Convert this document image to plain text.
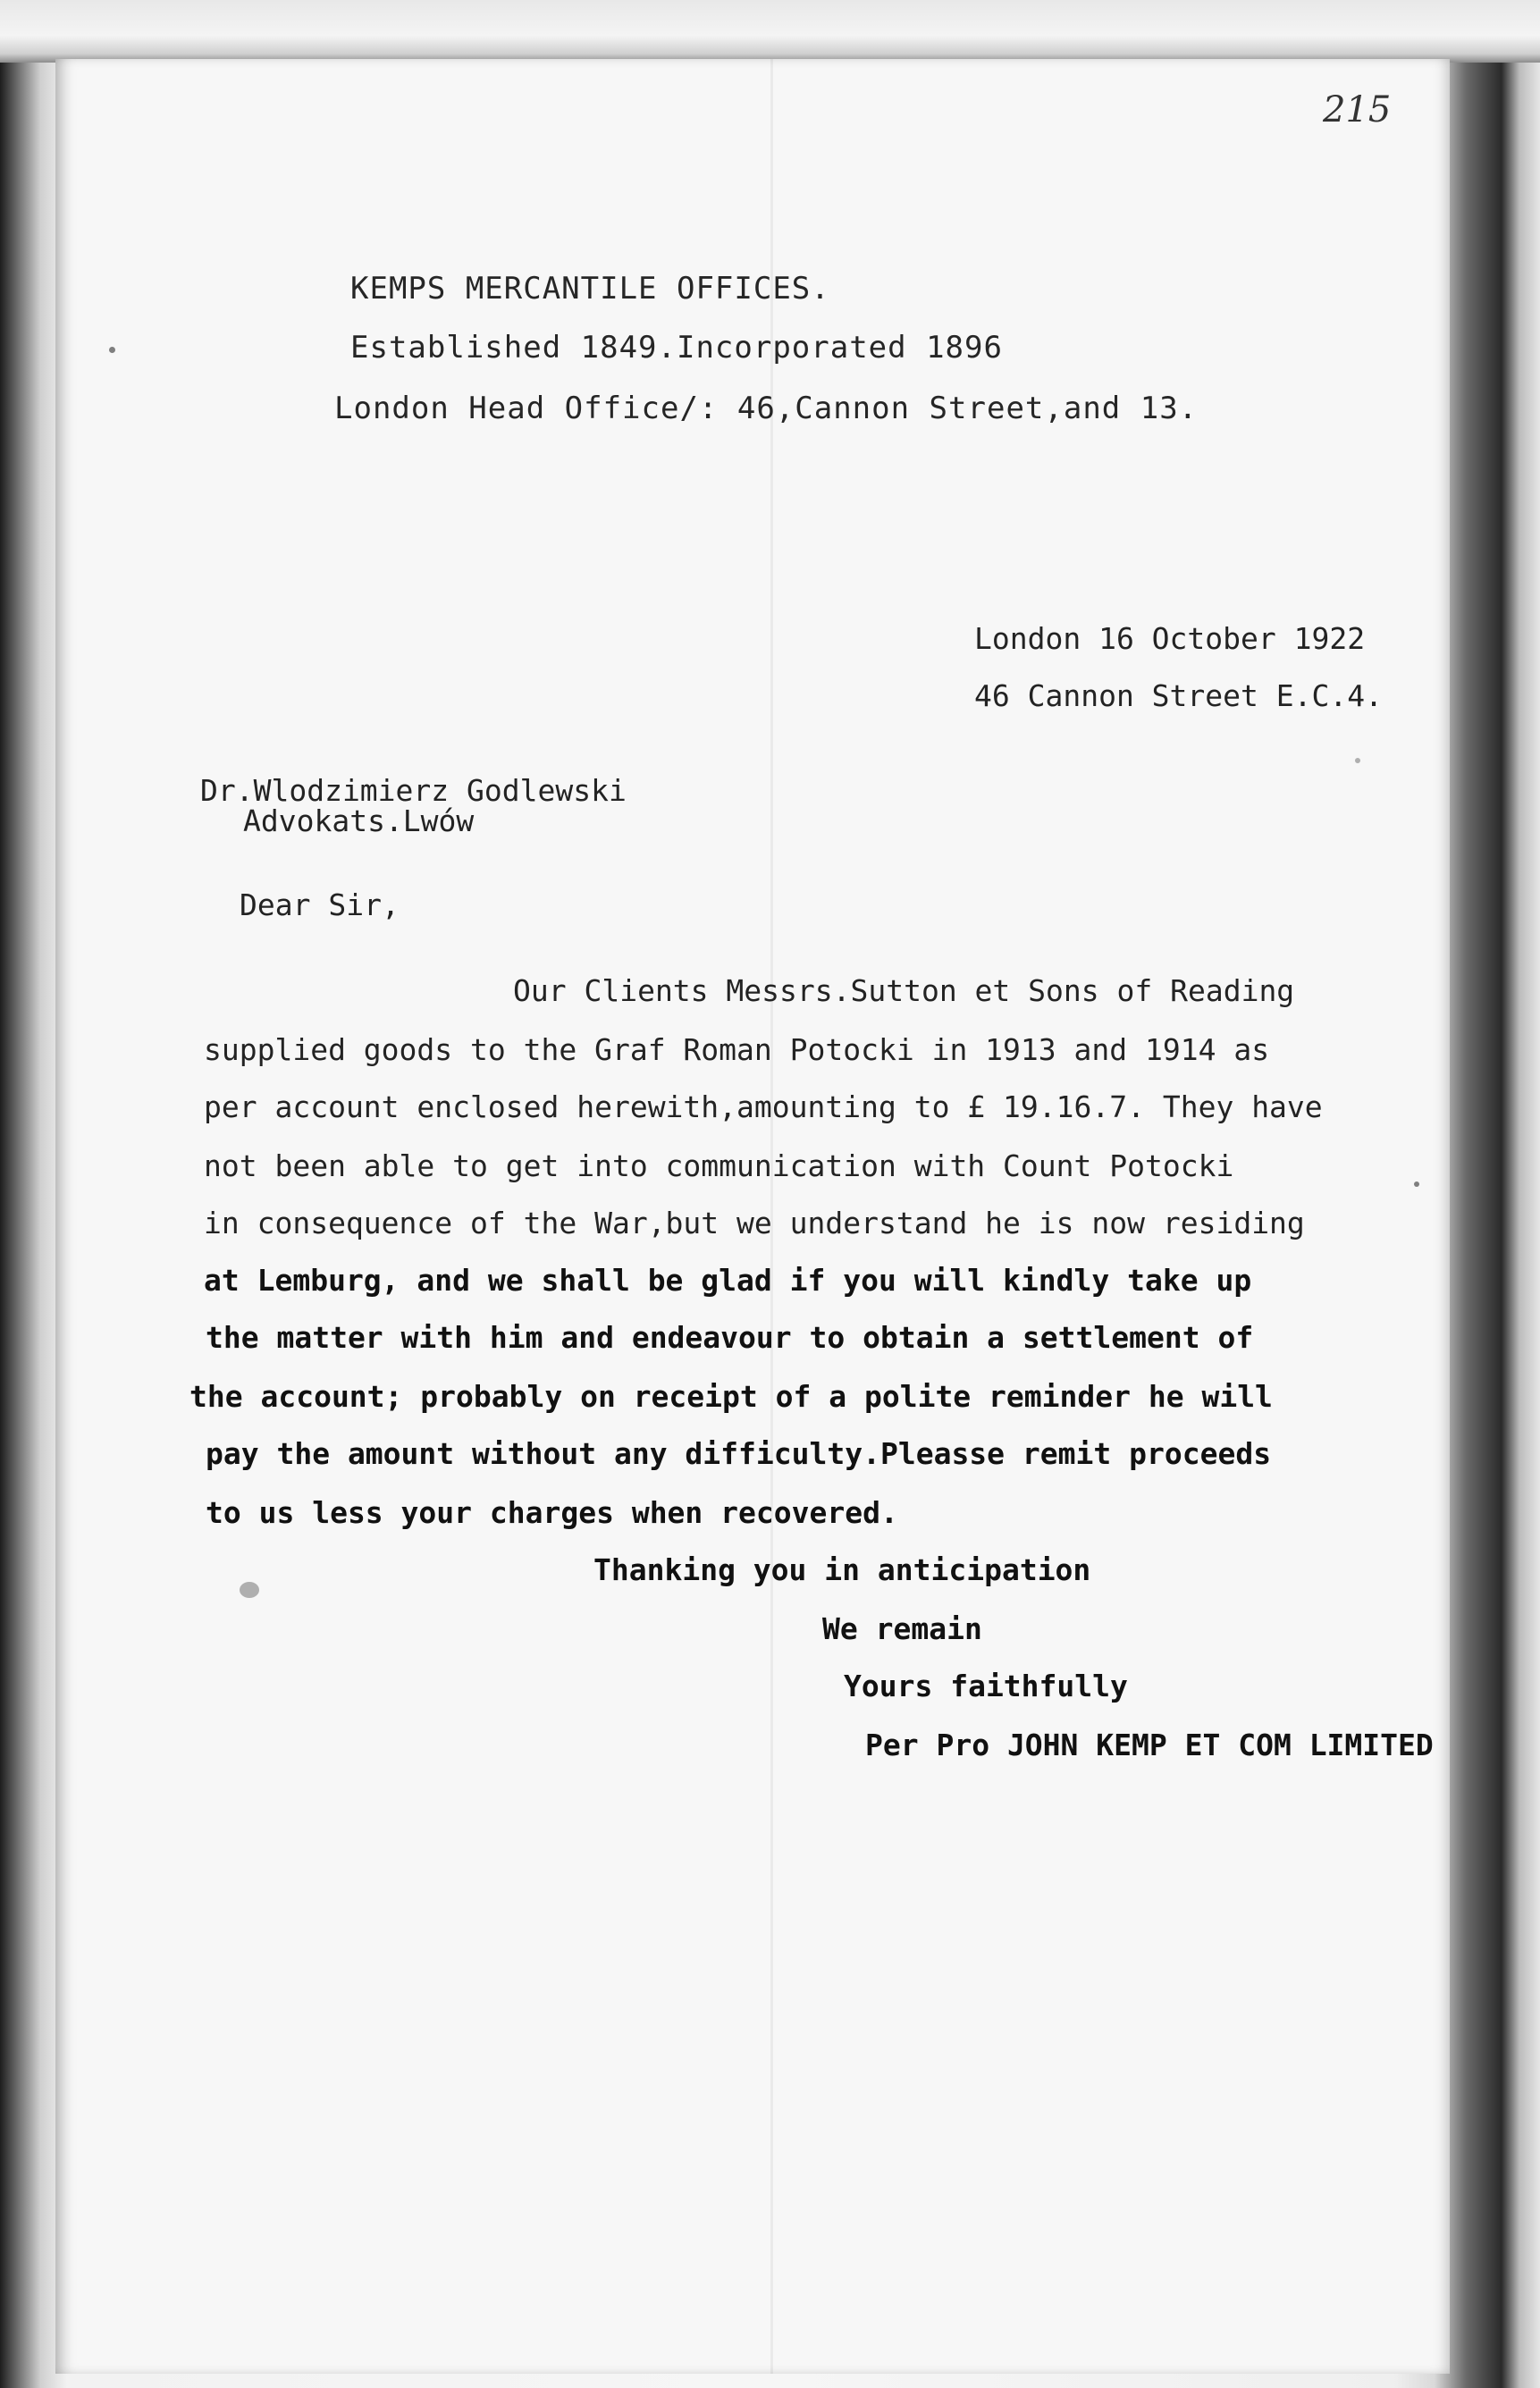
215

KEMPS MERCANTILE OFFICES.

Established 1849.Incorporated 1896

London Head Office/: 46,Cannon Street,and 13.

London 16 October 1922

46 Cannon Street E.C.4.

Dr.Wlodzimierz Godlewski

Advokats.Lwów

Dear Sir,

Our Clients Messrs.Sutton et Sons of Reading

supplied goods to the Graf Roman Potocki in 1913 and 1914 as

per account enclosed herewith,amounting to £ 19.16.7. They have

not been able to get into communication with Count Potocki

in consequence of the War,but we understand he is now residing

at Lemburg, and we shall be glad if you will kindly take up

the matter with him and endeavour to obtain a settlement of

the account; probably on receipt of a polite reminder he will

pay the amount without any difficulty.Pleasse remit proceeds

to us less your charges when recovered.

Thanking you in anticipation

We remain

Yours faithfully

Per Pro JOHN KEMP ET COM LIMITED
